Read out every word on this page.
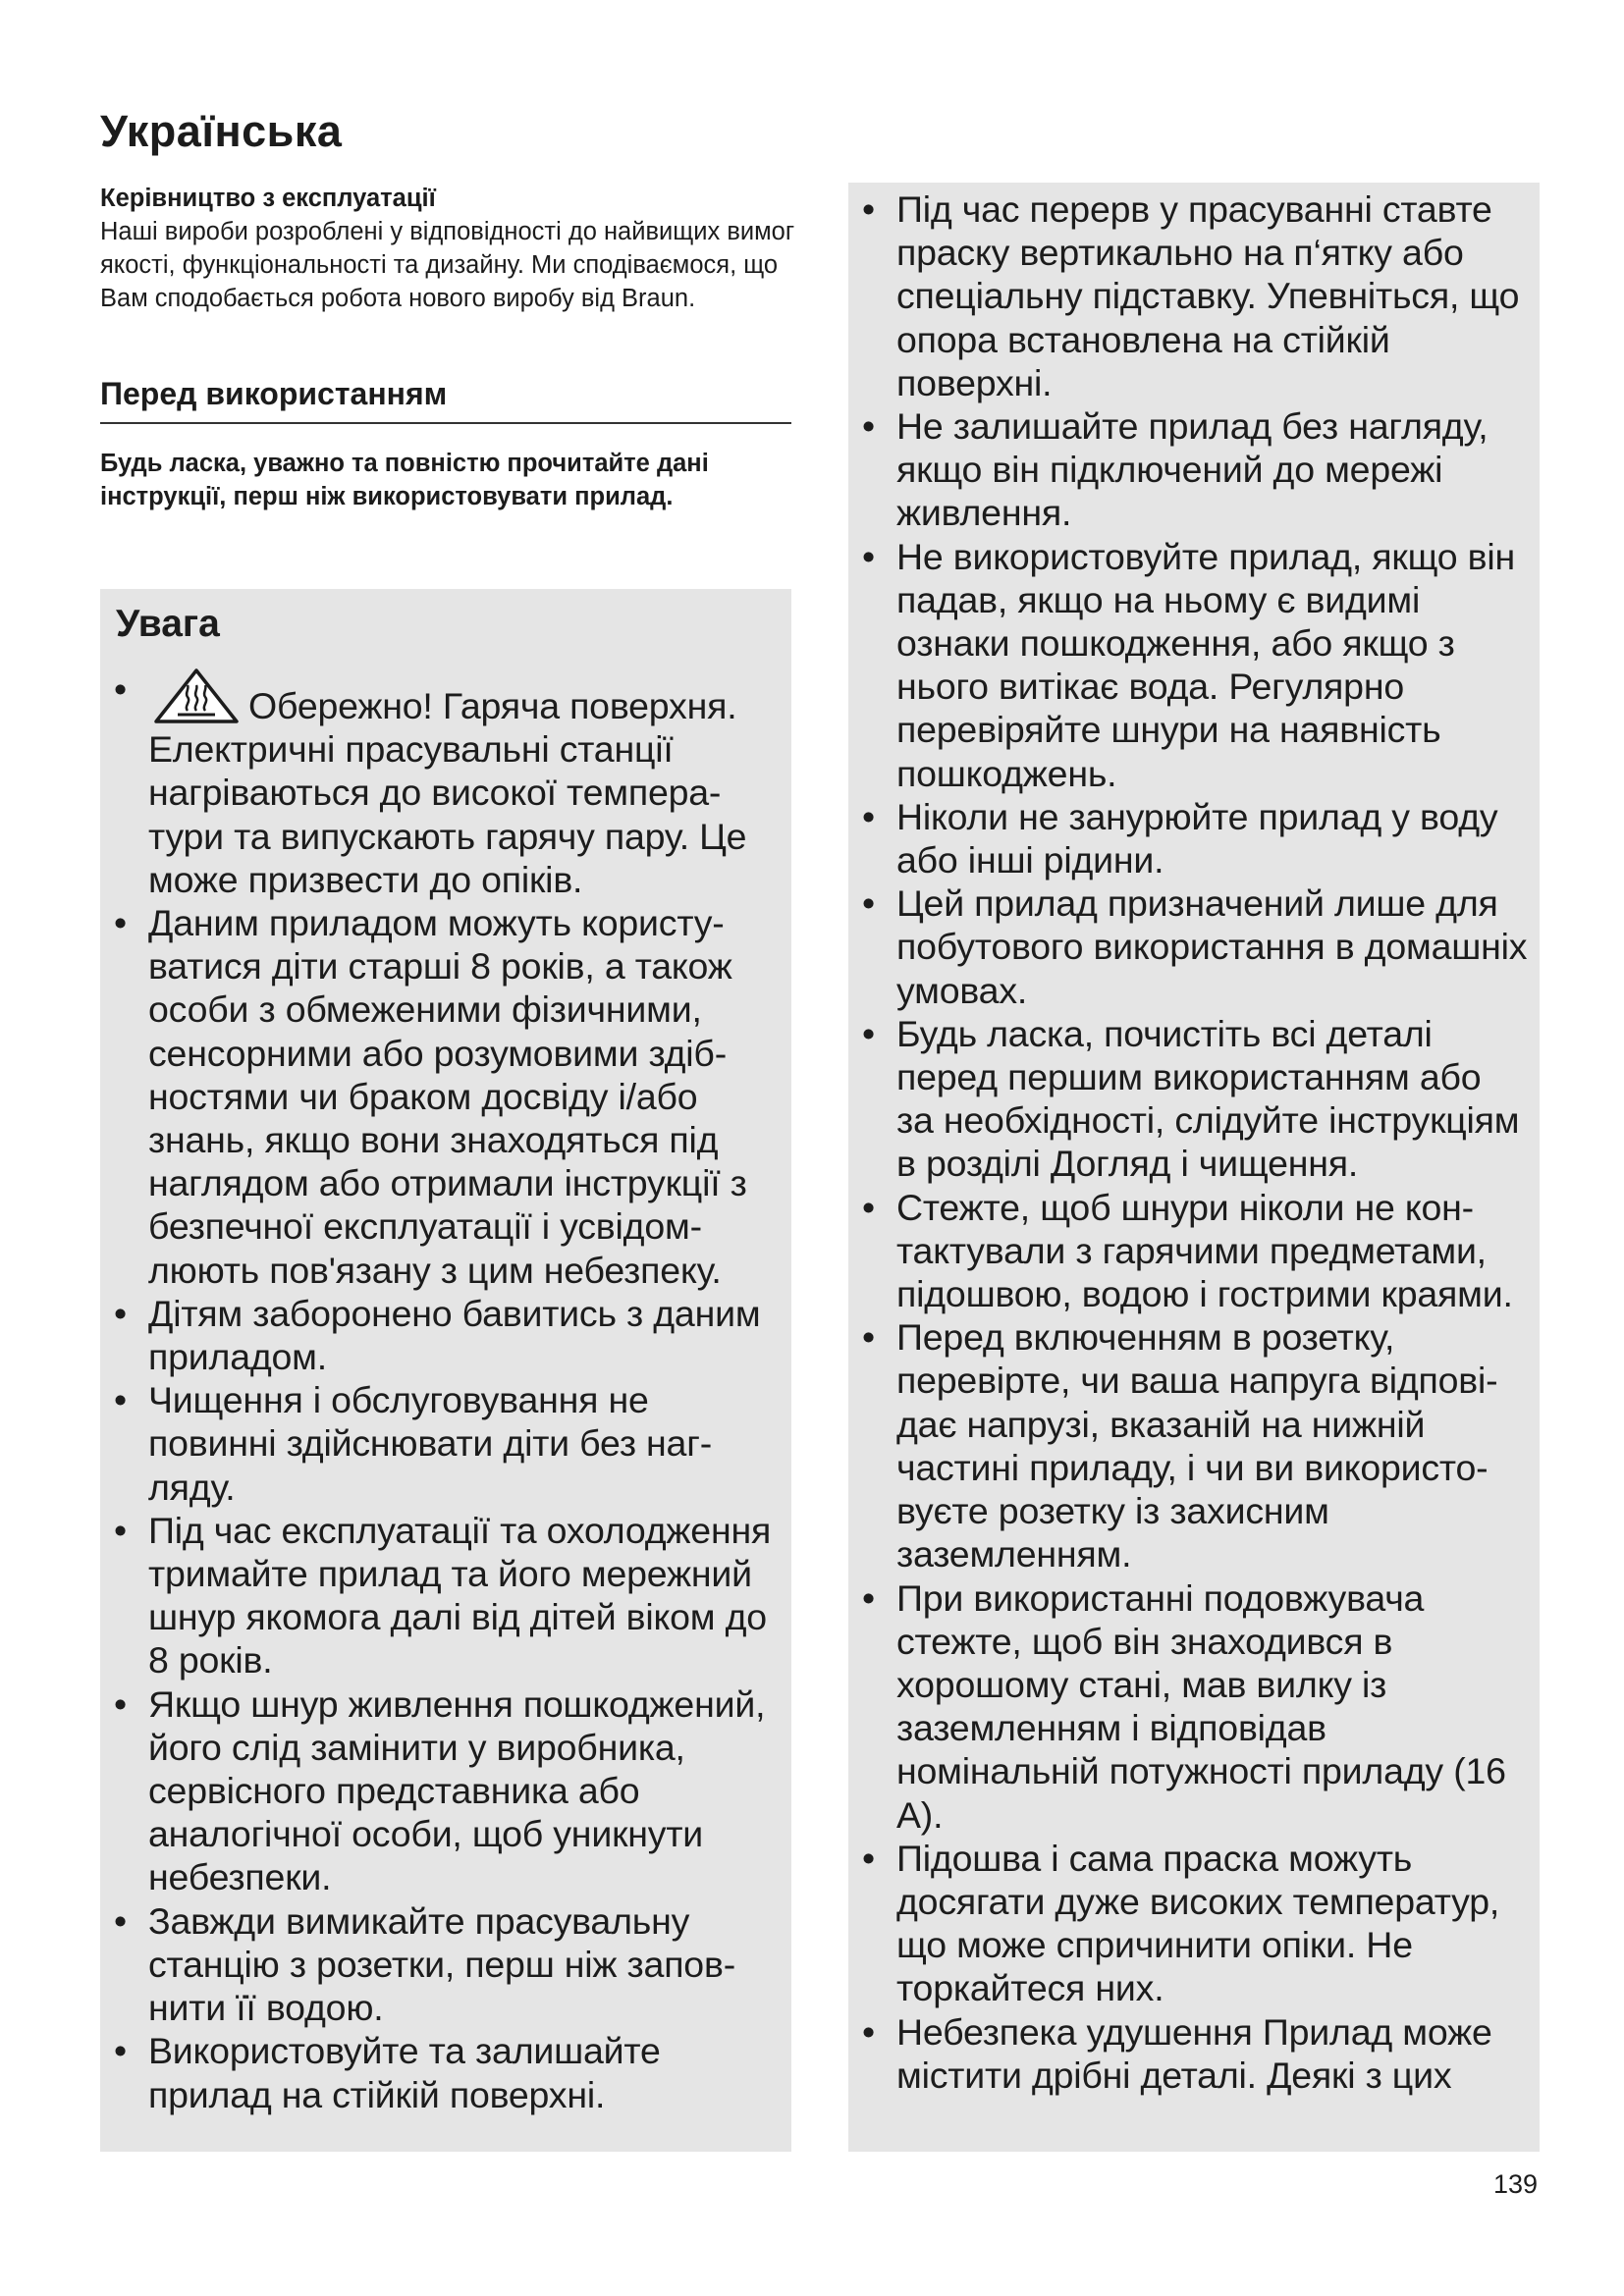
Українська
Керівництво з експлуатації
Наші вироби розроблені у відповідності до найвищих вимог якості, функціональності та дизайну. Ми сподіваємося, що Вам сподобається робота нового виробу від Braun.
Перед використанням
Будь ласка, уважно та повністю прочитайте дані інструкції, перш ніж використовувати прилад.
Увага
•	Обережно! Гаряча поверхня. Електричні прасувальні станції нагріваються до високої температури та випускають гарячу пару. Це може призвести до опіків.
• Даним приладом можуть користуватися діти старші 8 років, а також особи з обмеженими фізичними, сенсорними або розумовими здібностями чи браком досвіду і/або знань, якщо вони знаходяться під наглядом або отримали інструкції з безпечної експлуатації і усвідомлюють пов'язану з цим небезпеку.
• Дітям заборонено бавитись з даним приладом.
• Чищення і обслуговування не повинні здійснювати діти без нагляду.
• Під час експлуатації та охолодження тримайте прилад та його мережний шнур якомога далі від дітей віком до 8 років.
• Якщо шнур живлення пошкоджений, його слід замінити у виробника, сервісного представника або аналогічної особи, щоб уникнути небезпеки.
• Завжди вимикайте прасувальну станцію з розетки, перш ніж заповнити її водою.
• Використовуйте та залишайте прилад на стійкій поверхні.
• Під час перерв у прасуванні ставте праску вертикально на п‘ятку або спеціальну підставку. Упевніться, що опора встановлена на стійкій поверхні.
• Не залишайте прилад без нагляду, якщо він підключений до мережі живлення.
• Не використовуйте прилад, якщо він падав, якщо на ньому є видимі ознаки пошкодження, або якщо з нього витікає вода. Регулярно перевіряйте шнури на наявність пошкоджень.
• Ніколи не занурюйте прилад у воду або інші рідини.
• Цей прилад призначений лише для побутового використання в домашніх умовах.
• Будь ласка, почистіть всі деталі перед першим використанням або за необхідності, слідуйте інструкціям в розділі Догляд і чищення.
• Стежте, щоб шнури ніколи не контактували з гарячими предметами, підошвою, водою і гострими краями.
• Перед включенням в розетку, перевірте, чи ваша напруга відповідає напрузі, вказаній на нижній частині приладу, і чи ви використовуєте розетку із захисним заземленням.
• При використанні подовжувача стежте, щоб він знаходився в хорошому стані, мав вилку із заземленням і відповідав номінальній потужності приладу (16 A).
• Підошва і сама праска можуть досягати дуже високих температур, що може спричинити опіки. Не торкайтеся них.
• Небезпека удушення Прилад може містити дрібні деталі. Деякі з цих
139
